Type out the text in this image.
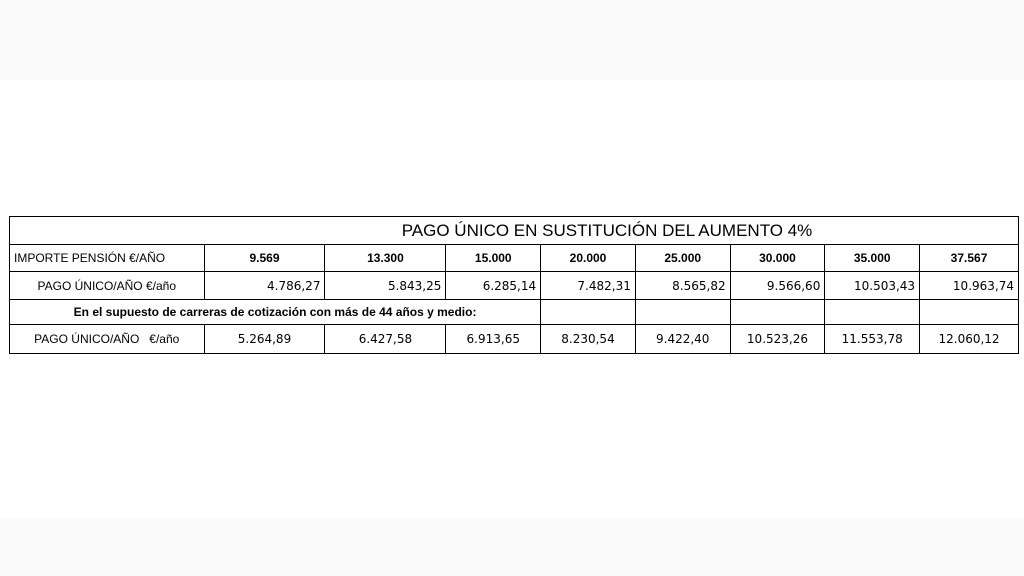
PAGO ÚNICO EN SUSTITUCIÓN DEL AUMENTO 4%								
IMPORTE PENSIÓN €/AÑO	9.569	13.300	15.000	20.000	25.000	30.000	35.000	37.567
PAGO ÚNICO/AÑO €/año	4.786,27	5.843,25	6.285,14	7.482,31	8.565,82	9.566,60	10.503,43	10.963,74
En el supuesto de carreras de cotización con más de 44 años y medio:								
PAGO ÚNICO/AÑO   €/año	5.264,89	6.427,58	6.913,65	8.230,54	9.422,40	10.523,26	11.553,78	12.060,12
